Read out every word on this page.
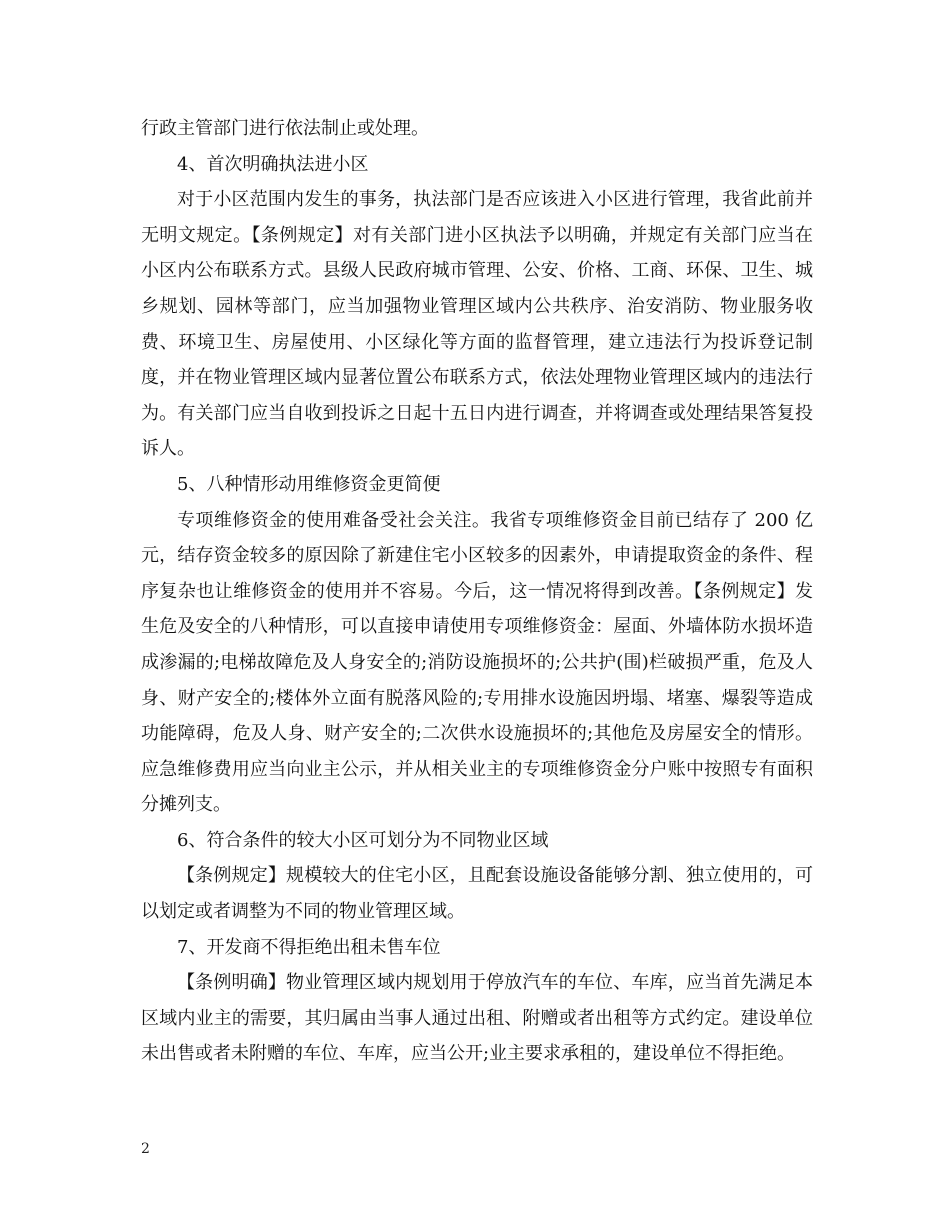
行政主管部门进行依法制止或处理。

4、首次明确执法进小区

对于小区范围内发生的事务，执法部门是否应该进入小区进行管理，我省此前并无明文规定。【条例规定】对有关部门进小区执法予以明确，并规定有关部门应当在小区内公布联系方式。县级人民政府城市管理、公安、价格、工商、环保、卫生、城乡规划、园林等部门，应当加强物业管理区域内公共秩序、治安消防、物业服务收费、环境卫生、房屋使用、小区绿化等方面的监督管理，建立违法行为投诉登记制度，并在物业管理区域内显著位置公布联系方式，依法处理物业管理区域内的违法行为。有关部门应当自收到投诉之日起十五日内进行调查，并将调查或处理结果答复投诉人。

5、八种情形动用维修资金更简便

专项维修资金的使用难备受社会关注。我省专项维修资金目前已结存了 200 亿元，结存资金较多的原因除了新建住宅小区较多的因素外，申请提取资金的条件、程序复杂也让维修资金的使用并不容易。今后，这一情况将得到改善。【条例规定】发生危及安全的八种情形，可以直接申请使用专项维修资金：屋面、外墙体防水损坏造成渗漏的;电梯故障危及人身安全的;消防设施损坏的;公共护(围)栏破损严重，危及人身、财产安全的;楼体外立面有脱落风险的;专用排水设施因坍塌、堵塞、爆裂等造成功能障碍，危及人身、财产安全的;二次供水设施损坏的;其他危及房屋安全的情形。应急维修费用应当向业主公示，并从相关业主的专项维修资金分户账中按照专有面积分摊列支。

6、符合条件的较大小区可划分为不同物业区域

【条例规定】规模较大的住宅小区，且配套设施设备能够分割、独立使用的，可以划定或者调整为不同的物业管理区域。

7、开发商不得拒绝出租未售车位

【条例明确】物业管理区域内规划用于停放汽车的车位、车库，应当首先满足本区域内业主的需要，其归属由当事人通过出租、附赠或者出租等方式约定。建设单位未出售或者未附赠的车位、车库，应当公开;业主要求承租的，建设单位不得拒绝。

2
